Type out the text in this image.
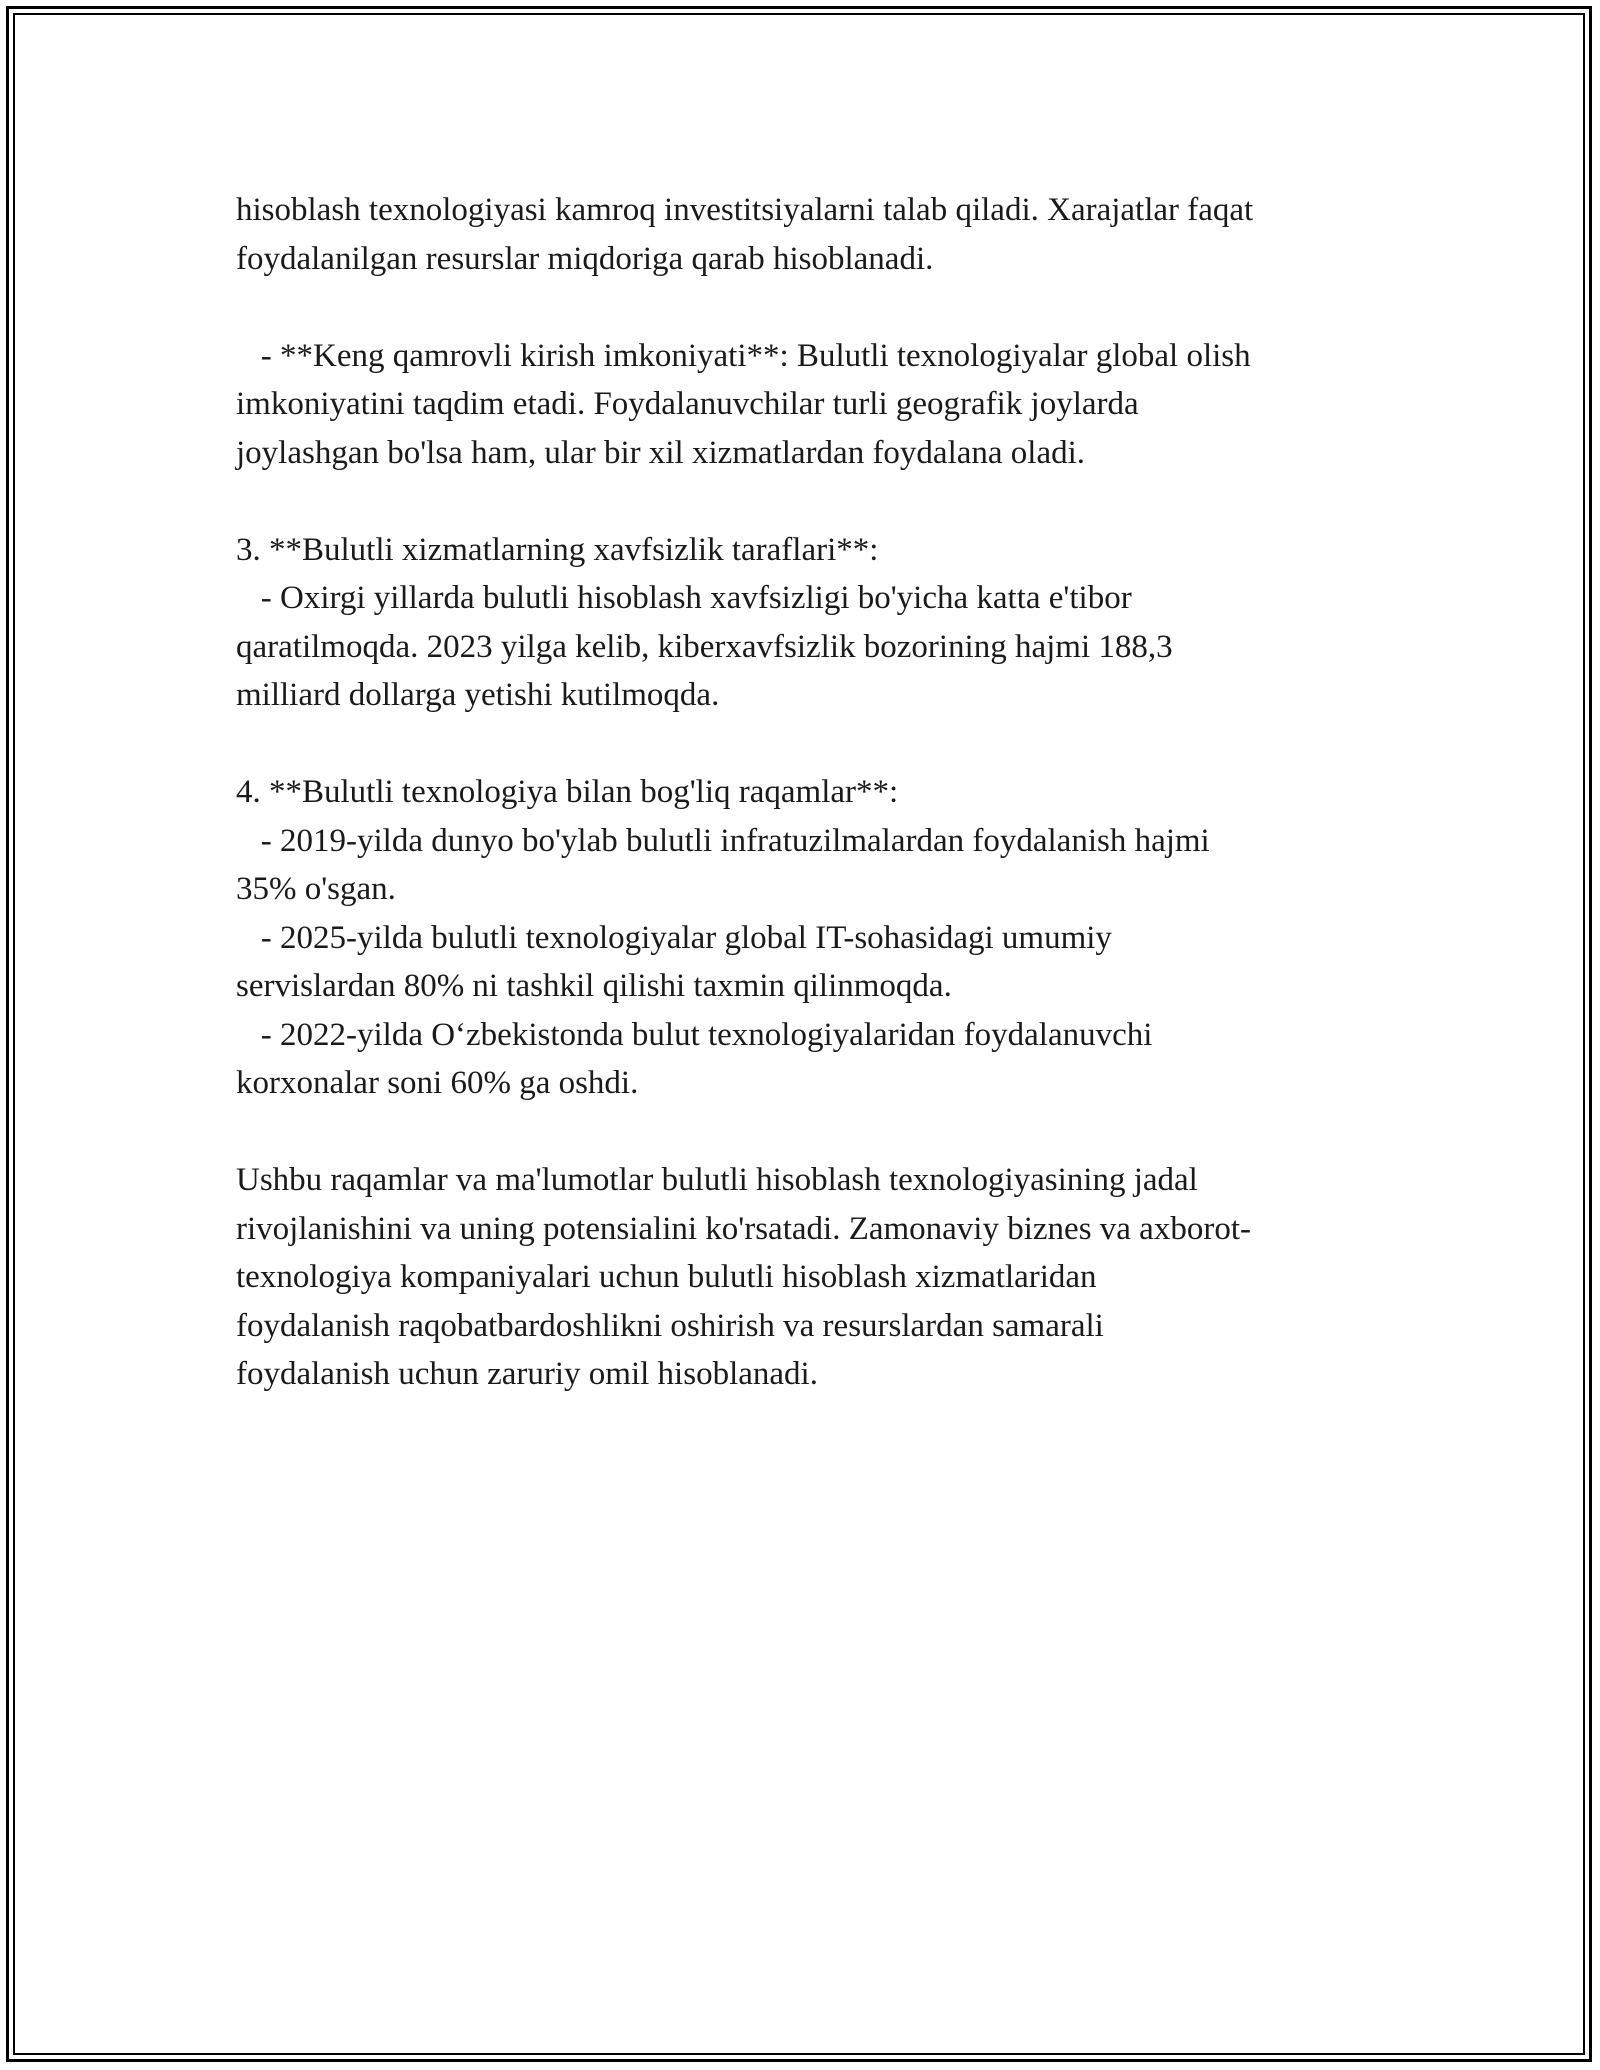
hisoblash texnologiyasi kamroq investitsiyalarni talab qiladi. Xarajatlar faqat
foydalanilgan resurslar miqdoriga qarab hisoblanadi.
- **Keng qamrovli kirish imkoniyati**: Bulutli texnologiyalar global olish
imkoniyatini taqdim etadi. Foydalanuvchilar turli geografik joylarda
joylashgan bo'lsa ham, ular bir xil xizmatlardan foydalana oladi.
3. **Bulutli xizmatlarning xavfsizlik taraflari**:
- Oxirgi yillarda bulutli hisoblash xavfsizligi bo'yicha katta e'tibor
qaratilmoqda. 2023 yilga kelib, kiberxavfsizlik bozorining hajmi 188,3
milliard dollarga yetishi kutilmoqda.
4. **Bulutli texnologiya bilan bog'liq raqamlar**:
- 2019-yilda dunyo bo'ylab bulutli infratuzilmalardan foydalanish hajmi
35% o'sgan.
- 2025-yilda bulutli texnologiyalar global IT-sohasidagi umumiy
servislardan 80% ni tashkil qilishi taxmin qilinmoqda.
- 2022-yilda O‘zbekistonda bulut texnologiyalaridan foydalanuvchi
korxonalar soni 60% ga oshdi.
Ushbu raqamlar va ma'lumotlar bulutli hisoblash texnologiyasining jadal
rivojlanishini va uning potensialini ko'rsatadi. Zamonaviy biznes va axborot-
texnologiya kompaniyalari uchun bulutli hisoblash xizmatlaridan
foydalanish raqobatbardoshlikni oshirish va resurslardan samarali
foydalanish uchun zaruriy omil hisoblanadi.
